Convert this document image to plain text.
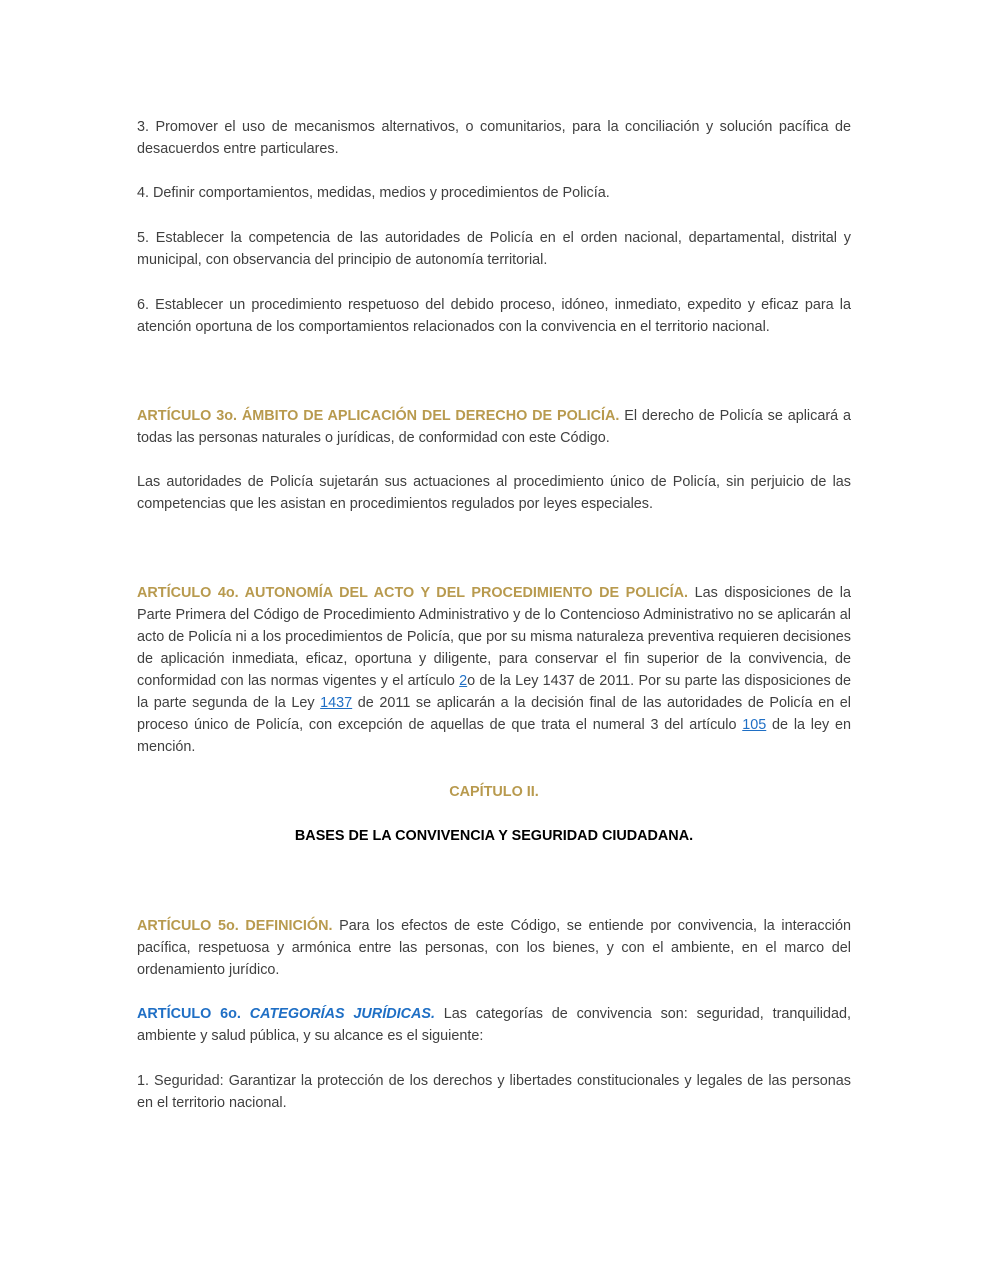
3. Promover el uso de mecanismos alternativos, o comunitarios, para la conciliación y solución pacífica de desacuerdos entre particulares.

4. Definir comportamientos, medidas, medios y procedimientos de Policía.

5. Establecer la competencia de las autoridades de Policía en el orden nacional, departamental, distrital y municipal, con observancia del principio de autonomía territorial.

6. Establecer un procedimiento respetuoso del debido proceso, idóneo, inmediato, expedito y eficaz para la atención oportuna de los comportamientos relacionados con la convivencia en el territorio nacional.

ARTÍCULO 3o. ÁMBITO DE APLICACIÓN DEL DERECHO DE POLICÍA. El derecho de Policía se aplicará a todas las personas naturales o jurídicas, de conformidad con este Código.

Las autoridades de Policía sujetarán sus actuaciones al procedimiento único de Policía, sin perjuicio de las competencias que les asistan en procedimientos regulados por leyes especiales.

ARTÍCULO 4o. AUTONOMÍA DEL ACTO Y DEL PROCEDIMIENTO DE POLICÍA. Las disposiciones de la Parte Primera del Código de Procedimiento Administrativo y de lo Contencioso Administrativo no se aplicarán al acto de Policía ni a los procedimientos de Policía, que por su misma naturaleza preventiva requieren decisiones de aplicación inmediata, eficaz, oportuna y diligente, para conservar el fin superior de la convivencia, de conformidad con las normas vigentes y el artículo 2o de la Ley 1437 de 2011. Por su parte las disposiciones de la parte segunda de la Ley 1437 de 2011 se aplicarán a la decisión final de las autoridades de Policía en el proceso único de Policía, con excepción de aquellas de que trata el numeral 3 del artículo 105 de la ley en mención.

CAPÍTULO II.

BASES DE LA CONVIVENCIA Y SEGURIDAD CIUDADANA.

ARTÍCULO 5o. DEFINICIÓN. Para los efectos de este Código, se entiende por convivencia, la interacción pacífica, respetuosa y armónica entre las personas, con los bienes, y con el ambiente, en el marco del ordenamiento jurídico.

ARTÍCULO 6o. CATEGORÍAS JURÍDICAS. Las categorías de convivencia son: seguridad, tranquilidad, ambiente y salud pública, y su alcance es el siguiente:

1. Seguridad: Garantizar la protección de los derechos y libertades constitucionales y legales de las personas en el territorio nacional.
